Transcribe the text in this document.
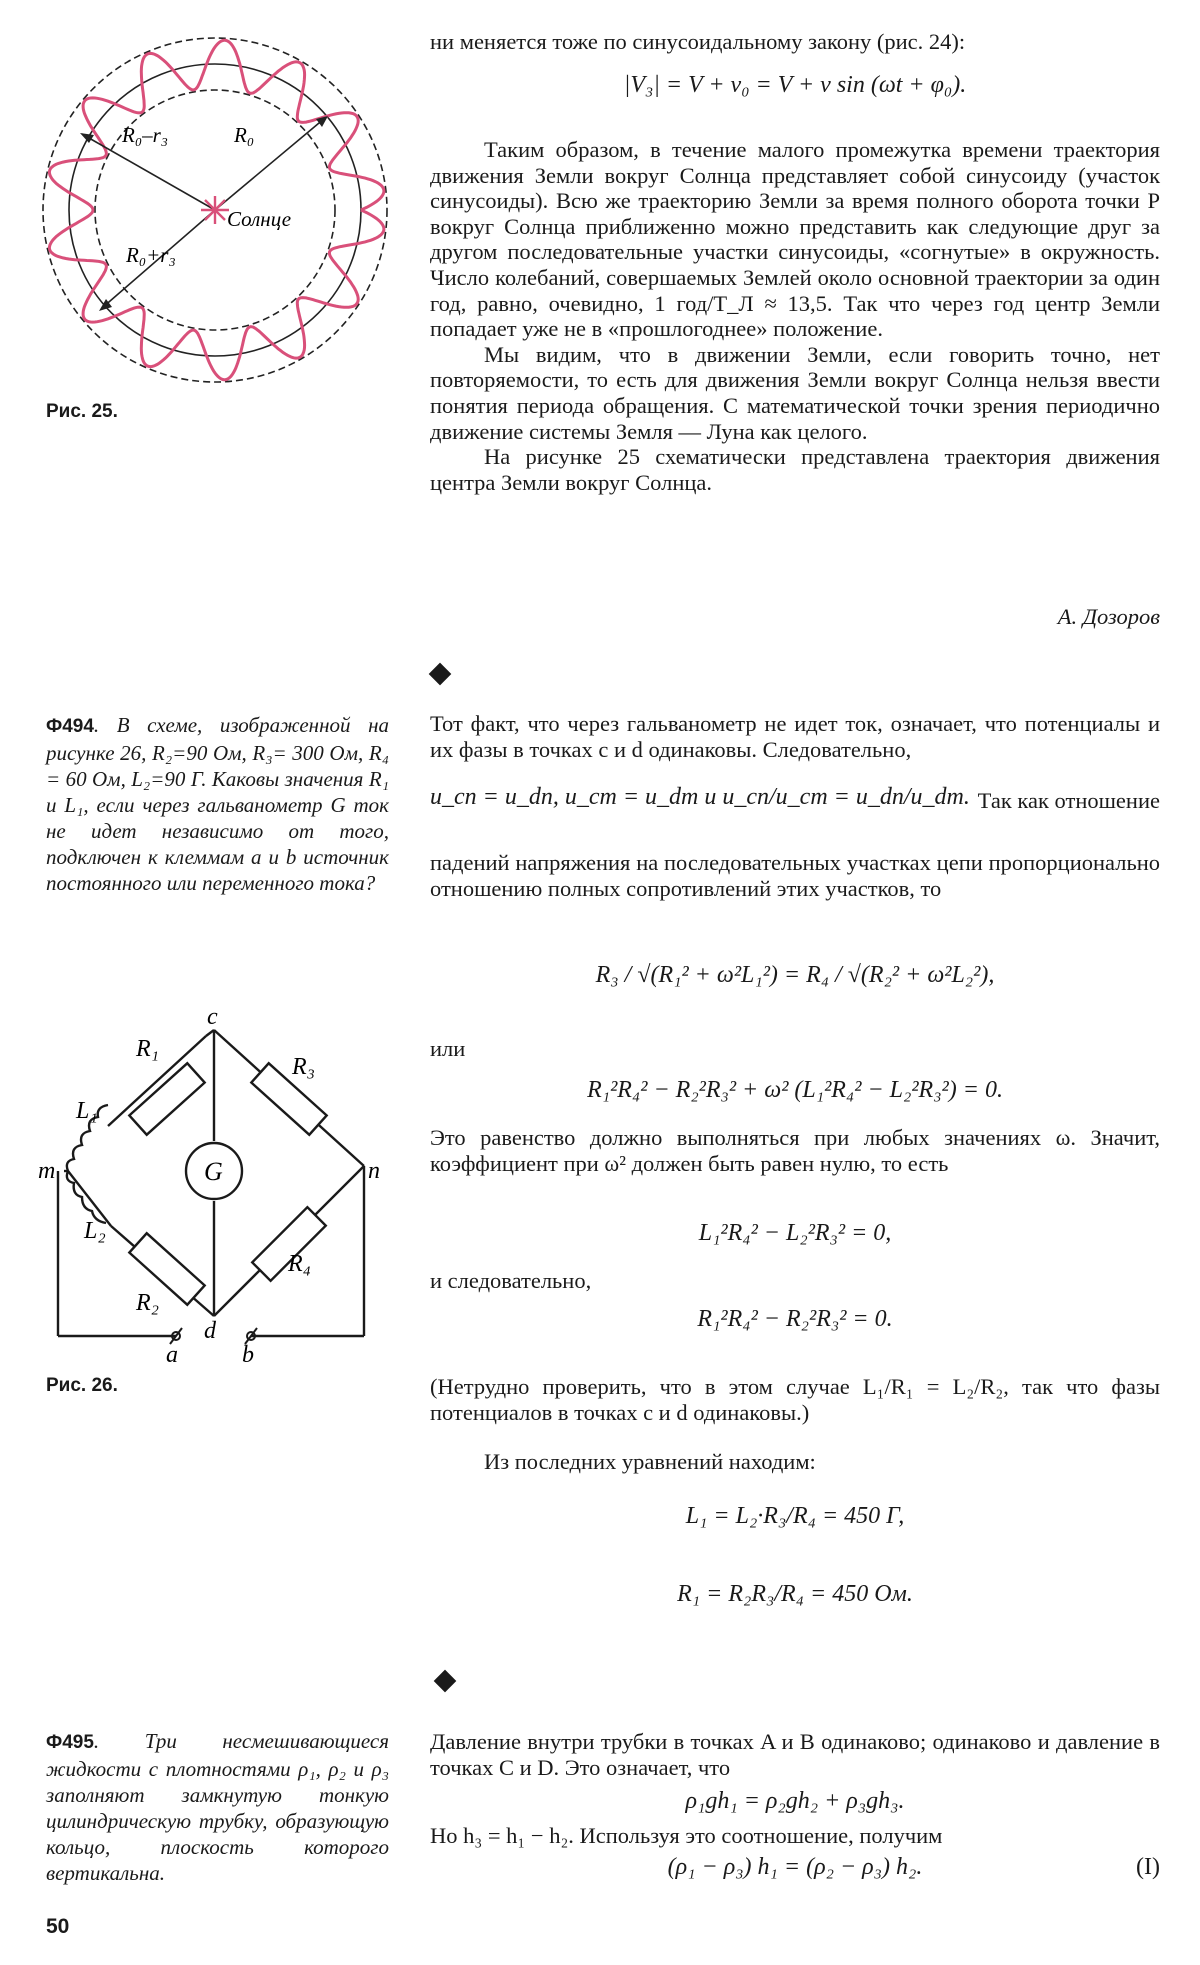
R₀–r₃	R₀
Солнце
R₀+r₃
Рис. 25.
ни меняется тоже по синусоидальному закону (рис. 24):
|V₃| = V + v₀ = V + v sin (ωt + φ₀).

Таким образом, в течение малого промежутка времени траектория движения Земли вокруг Солнца представляет собой синусоиду (участок синусоиды). Всю же траекторию Земли за время полного оборота точки P вокруг Солнца приближенно можно представить как следующие друг за другом последовательные участки синусоиды, «согнутые» в окружность. Число колебаний, совершаемых Землей около основной траектории за один год, равно, очевидно, 1 год/T_Л ≈ 13,5. Так что через год центр Земли попадает уже не в «прошлогоднее» положение.

Мы видим, что в движении Земли, если говорить точно, нет повторяемости, то есть для движения Земли вокруг Солнца нельзя ввести понятия периода обращения. С математической точки зрения периодично движение системы Земля — Луна как целого.

На рисунке 25 схематически представлена траектория движения центра Земли вокруг Солнца.

А. Дозоров
Ф494. В схеме, изображенной на рисунке 26, R₂=90 Ом, R₃= 300 Ом, R₄ = 60 Ом, L₂=90 Г. Каковы значения R₁ и L₁, если через гальванометр G ток не идет независимо от того, подключен к клеммам a и b источник постоянного или переменного тока?
G
c
d
m	n
a	b
R₁
R₃
R₄
R₂
L₁
L₂
Рис. 26.
Тот факт, что через гальванометр не идет ток, означает, что потенциалы и их фазы в точках c и d одинаковы. Следовательно,
u_cn = u_dn, u_cm = u_dm и u_cn/u_cm = u_dn/u_dm. Так как отношение
падений напряжения на последовательных участках цепи пропорционально отношению полных сопротивлений этих участков, то
R₃ / √(R₁² + ω²L₁²) = R₄ / √(R₂² + ω²L₂²),
или
R₁²R₄² − R₂²R₃² + ω² (L₁²R₄² − L₂²R₃²) = 0.
Это равенство должно выполняться при любых значениях ω. Значит, коэффициент при ω² должен быть равен нулю, то есть
L₁²R₄² − L₂²R₃² = 0,
и следовательно,
R₁²R₄² − R₂²R₃² = 0.
(Нетрудно проверить, что в этом случае L₁/R₁ = L₂/R₂, так что фазы потенциалов в точках c и d одинаковы.)
Из последних уравнений находим:
L₁ = L₂·R₃/R₄ = 450 Г,
R₁ = R₂R₃/R₄ = 450 Ом.
Ф495. Три несмешивающиеся жидкости с плотностями ρ₁, ρ₂ и ρ₃ заполняют замкнутую тонкую цилиндрическую трубку, образующую кольцо, плоскость которого вертикальна.
Давление внутри трубки в точках A и B одинаково; одинаково и давление в точках C и D. Это означает, что
ρ₁gh₁ = ρ₂gh₂ + ρ₃gh₃.
Но h₃ = h₁ − h₂. Используя это соотношение, получим
(ρ₁ − ρ₃) h₁ = (ρ₂ − ρ₃) h₂.	(I)
50
